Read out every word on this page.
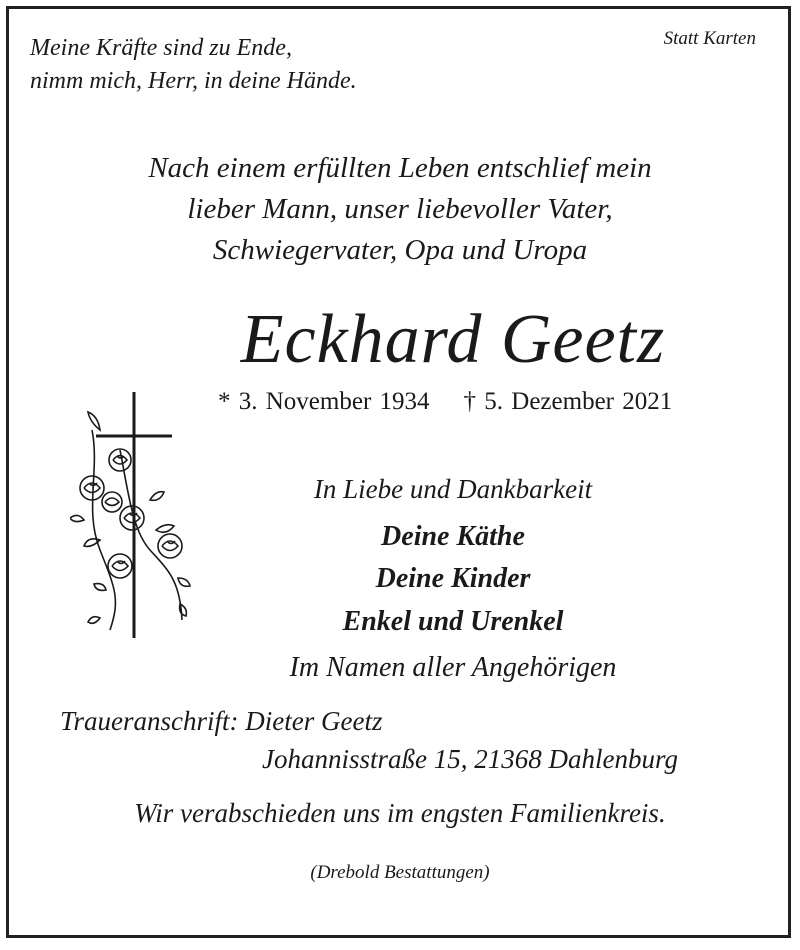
Meine Kräfte sind zu Ende,
nimm mich, Herr, in deine Hände.
Statt Karten
Nach einem erfüllten Leben entschlief mein
lieber Mann, unser liebevoller Vater,
Schwiegervater, Opa und Uropa
Eckhard Geetz
* 3. November 1934 † 5. Dezember 2021
In Liebe und Dankbarkeit
Deine Käthe
Deine Kinder
Enkel und Urenkel
Im Namen aller Angehörigen
Traueranschrift: Dieter Geetz
Johannisstraße 15, 21368 Dahlenburg
Wir verabschieden uns im engsten Familienkreis.
(Drebold Bestattungen)
